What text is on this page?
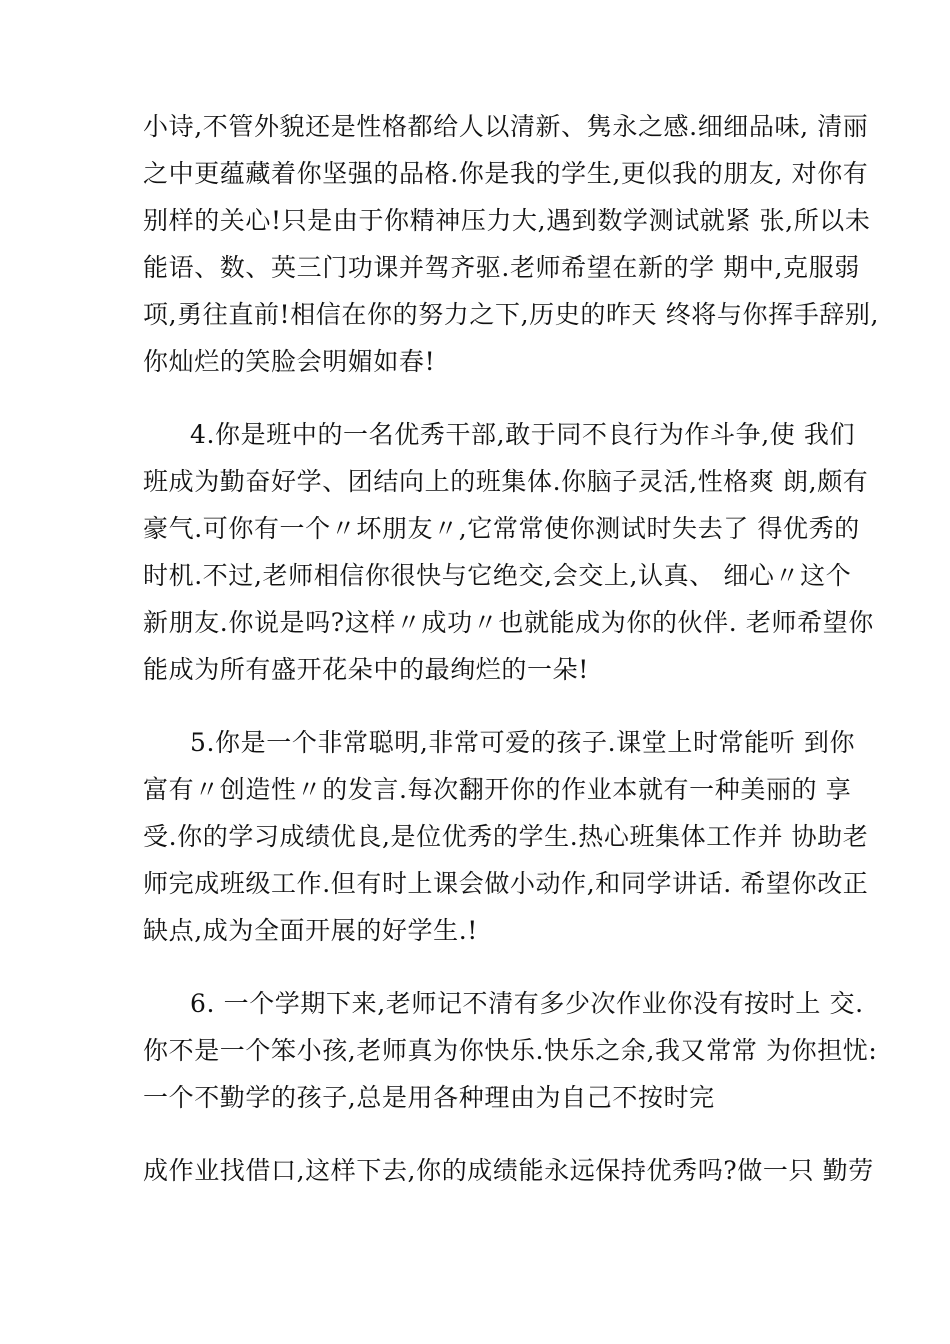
小诗,不管外貌还是性格都给人以清新、隽永之感.细细品味, 清丽
之中更蕴藏着你坚强的品格.你是我的学生,更似我的朋友, 对你有
别样的关心!只是由于你精神压力大,遇到数学测试就紧 张,所以未
能语、数、英三门功课并驾齐驱.老师希望在新的学 期中,克服弱
项,勇往直前!相信在你的努力之下,历史的昨天 终将与你挥手辞别,
你灿烂的笑脸会明媚如春!
4.你是班中的一名优秀干部,敢于同不良行为作斗争,使 我们
班成为勤奋好学、团结向上的班集体.你脑子灵活,性格爽 朗,颇有
豪气.可你有一个〃坏朋友〃,它常常使你测试时失去了 得优秀的
时机.不过,老师相信你很快与它绝交,会交上,认真、 细心〃这个
新朋友.你说是吗?这样〃成功〃也就能成为你的伙伴. 老师希望你
能成为所有盛开花朵中的最绚烂的一朵!
5.你是一个非常聪明,非常可爱的孩子.课堂上时常能听 到你
富有〃创造性〃的发言.每次翻开你的作业本就有一种美丽的 享
受.你的学习成绩优良,是位优秀的学生.热心班集体工作并 协助老
师完成班级工作.但有时上课会做小动作,和同学讲话. 希望你改正
缺点,成为全面开展的好学生.!
6. 一个学期下来,老师记不清有多少次作业你没有按时上 交.
你不是一个笨小孩,老师真为你快乐.快乐之余,我又常常 为你担忧:
一个不勤学的孩子,总是用各种理由为自己不按时完
成作业找借口,这样下去,你的成绩能永远保持优秀吗?做一只 勤劳
